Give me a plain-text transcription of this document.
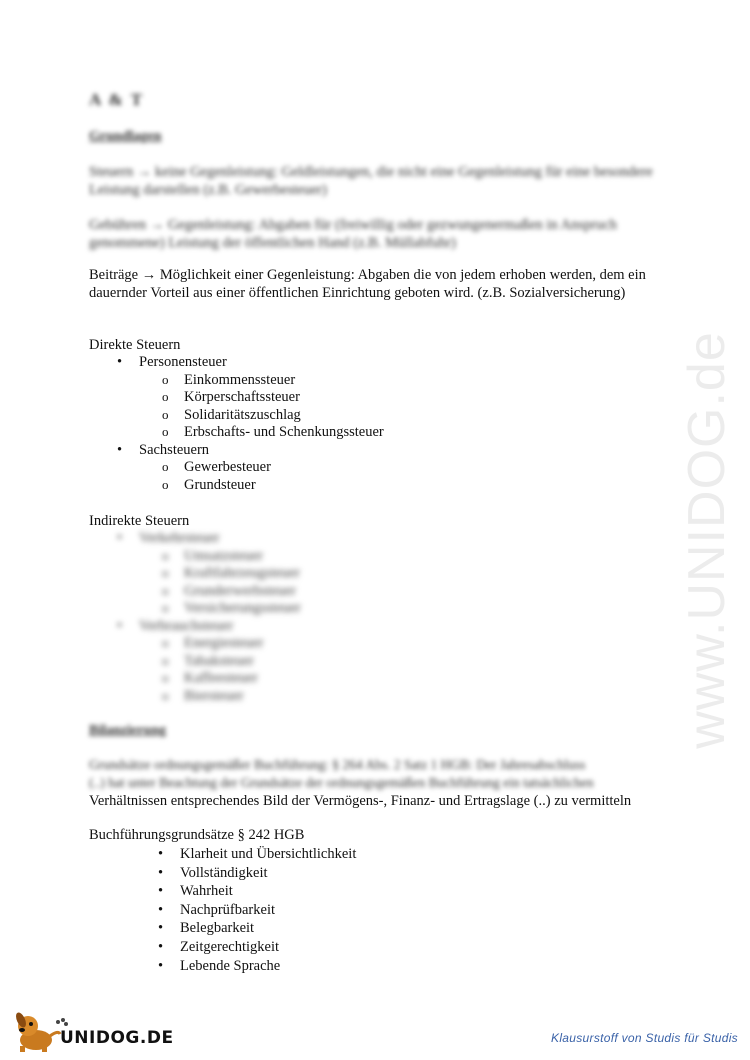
www.UNIDOG.de
A & T
Grundlagen
Steuern → keine Gegenleistung: Geldleistungen, die nicht eine Gegenleistung für eine besondere Leistung darstellen (z.B. Gewerbesteuer)
Gebühren → Gegenleistung: Abgaben für (freiwillig oder gezwungenermaßen in Anspruch genommene) Leistung der öffentlichen Hand (z.B. Müllabfuhr)
Beiträge → Möglichkeit einer Gegenleistung: Abgaben die von jedem erhoben werden, dem ein dauernder Vorteil aus einer öffentlichen Einrichtung geboten wird. (z.B. Sozialversicherung)
Direkte Steuern
• Personensteuer
o Einkommenssteuer
o Körperschaftssteuer
o Solidaritätszuschlag
o Erbschafts- und Schenkungssteuer
• Sachsteuern
o Gewerbesteuer
o Grundsteuer
Indirekte Steuern
• Verkehrsteuer
o Umsatzsteuer
o Kraftfahrzeugsteuer
o Grunderwerbsteuer
o Versicherungssteuer
• Verbrauchsteuer
o Energiesteuer
o Tabaksteuer
o Kaffeesteuer
o Biersteuer
Bilanzierung
Grundsätze ordnungsgemäßer Buchführung: § 264 Abs. 2 Satz 1 HGB: Der Jahresabschluss
(..) hat unter Beachtung der Grundsätze der ordnungsgemäßen Buchführung ein tatsächlichen
Verhältnissen entsprechendes Bild der Vermögens-, Finanz- und Ertragslage (..) zu vermitteln
Buchführungsgrundsätze § 242 HGB
• Klarheit und Übersichtlichkeit
• Vollständigkeit
• Wahrheit
• Nachprüfbarkeit
• Belegbarkeit
• Zeitgerechtigkeit
• Lebende Sprache
UNIDOG.DE	Klausurstoff von Studis für Studis
